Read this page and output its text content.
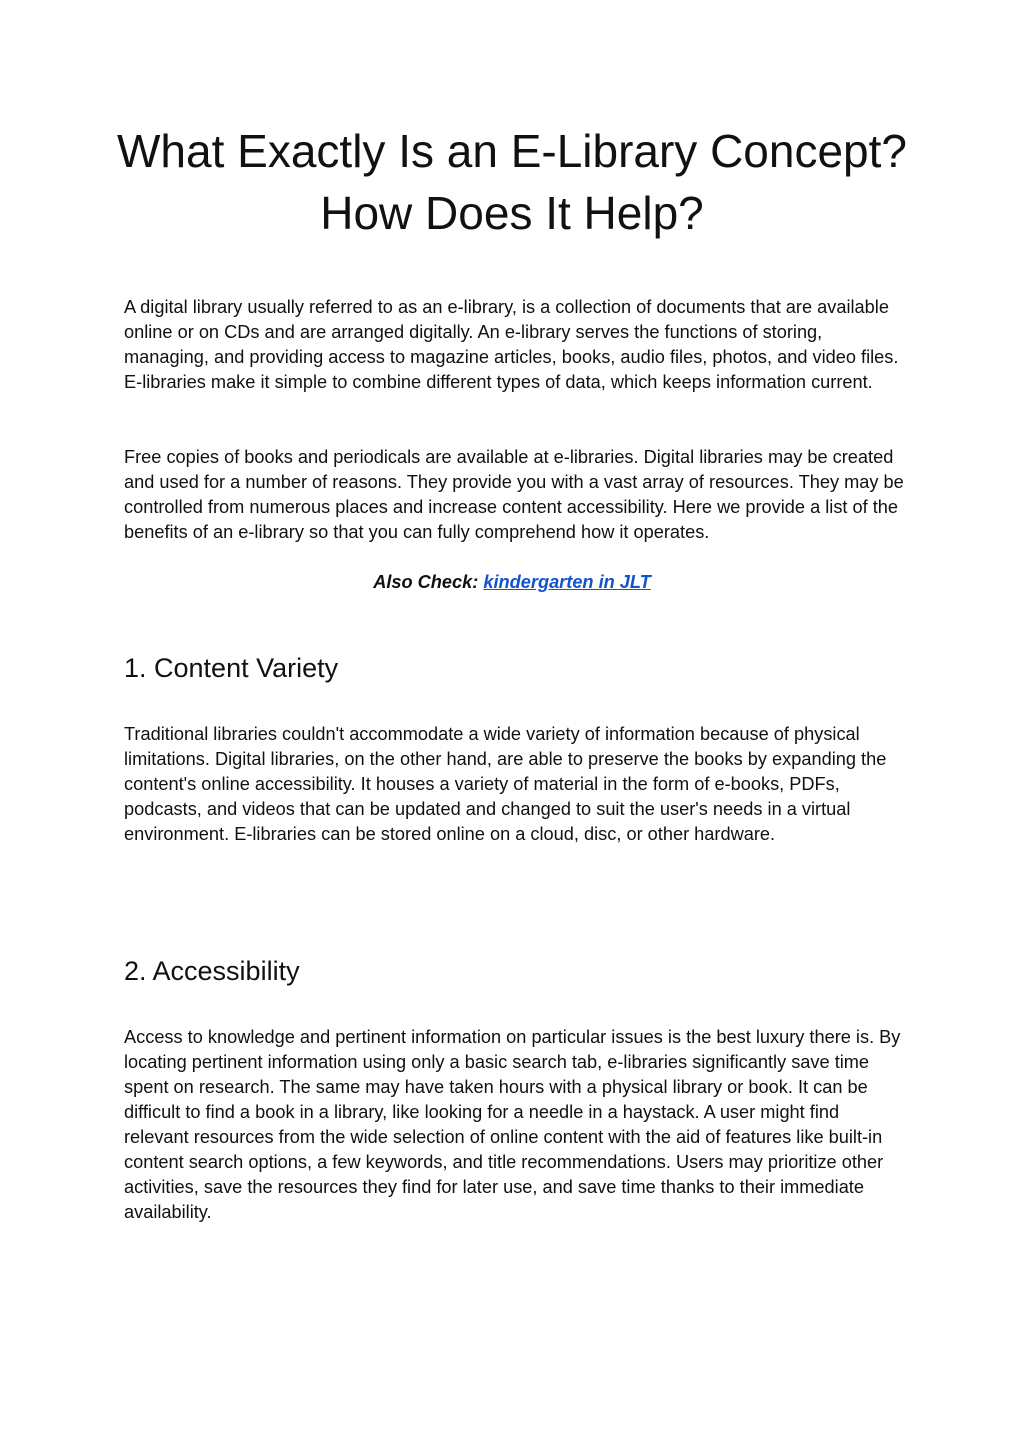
What Exactly Is an E-Library Concept?
How Does It Help?

A digital library usually referred to as an e-library, is a collection of documents that are available online or on CDs and are arranged digitally. An e-library serves the functions of storing, managing, and providing access to magazine articles, books, audio files, photos, and video files. E-libraries make it simple to combine different types of data, which keeps information current.

Free copies of books and periodicals are available at e-libraries. Digital libraries may be created and used for a number of reasons. They provide you with a vast array of resources. They may be controlled from numerous places and increase content accessibility. Here we provide a list of the benefits of an e-library so that you can fully comprehend how it operates.

Also Check: kindergarten in JLT
1. Content Variety

Traditional libraries couldn't accommodate a wide variety of information because of physical limitations. Digital libraries, on the other hand, are able to preserve the books by expanding the content's online accessibility. It houses a variety of material in the form of e-books, PDFs, podcasts, and videos that can be updated and changed to suit the user's needs in a virtual environment. E-libraries can be stored online on a cloud, disc, or other hardware.

2. Accessibility

Access to knowledge and pertinent information on particular issues is the best luxury there is. By locating pertinent information using only a basic search tab, e-libraries significantly save time spent on research. The same may have taken hours with a physical library or book. It can be difficult to find a book in a library, like looking for a needle in a haystack. A user might find relevant resources from the wide selection of online content with the aid of features like built-in content search options, a few keywords, and title recommendations. Users may prioritize other activities, save the resources they find for later use, and save time thanks to their immediate availability.
